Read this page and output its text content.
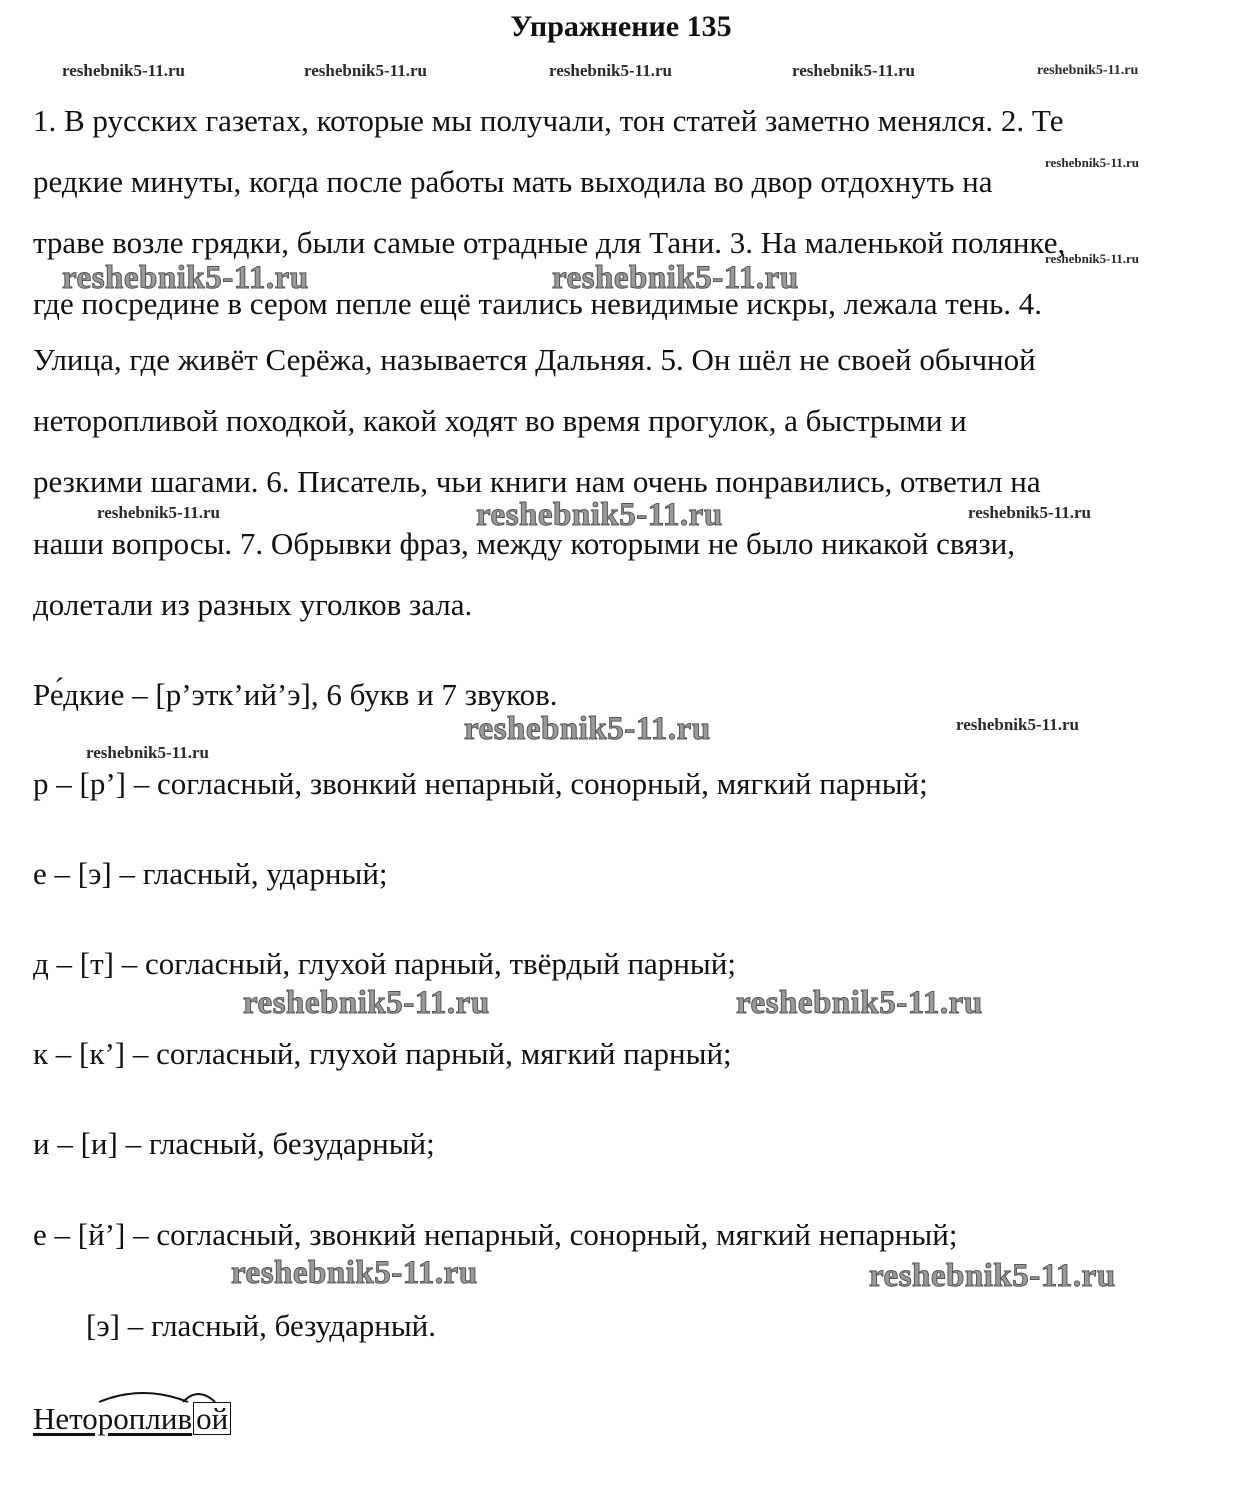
Упражнение 135
reshebnik5-11.ru	reshebnik5-11.ru	reshebnik5-11.ru	reshebnik5-11.ru	reshebnik5-11.ru
reshebnik5-11.ru
reshebnik5-11.ru
reshebnik5-11.ru	reshebnik5-11.ru
reshebnik5-11.ru
reshebnik5-11.ru
reshebnik5-11.ru	reshebnik5-11.ru
reshebnik5-11.ru
reshebnik5-11.ru
reshebnik5-11.ru	reshebnik5-11.ru
reshebnik5-11.ru	reshebnik5-11.ru
1. В русских газетах, которые мы получали, тон статей заметно менялся. 2. Те
редкие минуты, когда после работы мать выходила во двор отдохнуть на
траве возле грядки, были самые отрадные для Тани. 3. На маленькой полянке,
где посредине в сером пепле ещё таились невидимые искры, лежала тень. 4.
Улица, где живёт Серёжа, называется Дальняя. 5. Он шёл не своей обычной
неторопливой походкой, какой ходят во время прогулок, а быстрыми и
резкими шагами. 6. Писатель, чьи книги нам очень понравились, ответил на
наши вопросы. 7. Обрывки фраз, между которыми не было никакой связи,
долетали из разных уголков зала.
Ре́дкие – [р’этк’ий’э], 6 букв и 7 звуков.
р – [р’] – согласный, звонкий непарный, сонорный, мягкий парный;
е – [э] – гласный, ударный;
д – [т] – согласный, глухой парный, твёрдый парный;
к – [к’] – согласный, глухой парный, мягкий парный;
и – [и] – гласный, безударный;
е – [й’] – согласный, звонкий непарный, сонорный, мягкий непарный;
[э] – гласный, безударный.
Нетороплив ой
